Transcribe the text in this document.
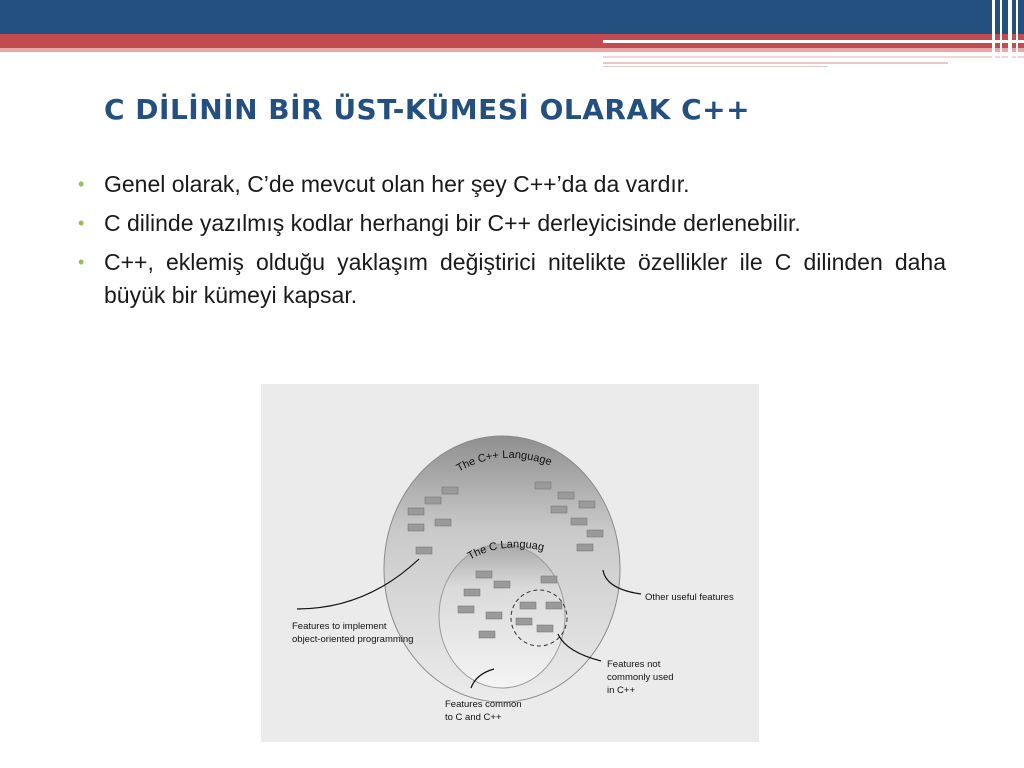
C DİLİNİN BİR ÜST-KÜMESİ OLARAK C++
• Genel olarak, C’de mevcut olan her şey C++’da da vardır.
• C dilinde yazılmış kodlar herhangi bir C++ derleyicisinde derlenebilir.
• C++, eklemiş olduğu yaklaşım değiştirici nitelikte özellikler ile C dilinden daha büyük bir kümeyi kapsar.
The C++ Language
The C Languag
Features to implement
object-oriented programming
Other useful features
Features not
commonly used
in C++
Features common
to C and C++
